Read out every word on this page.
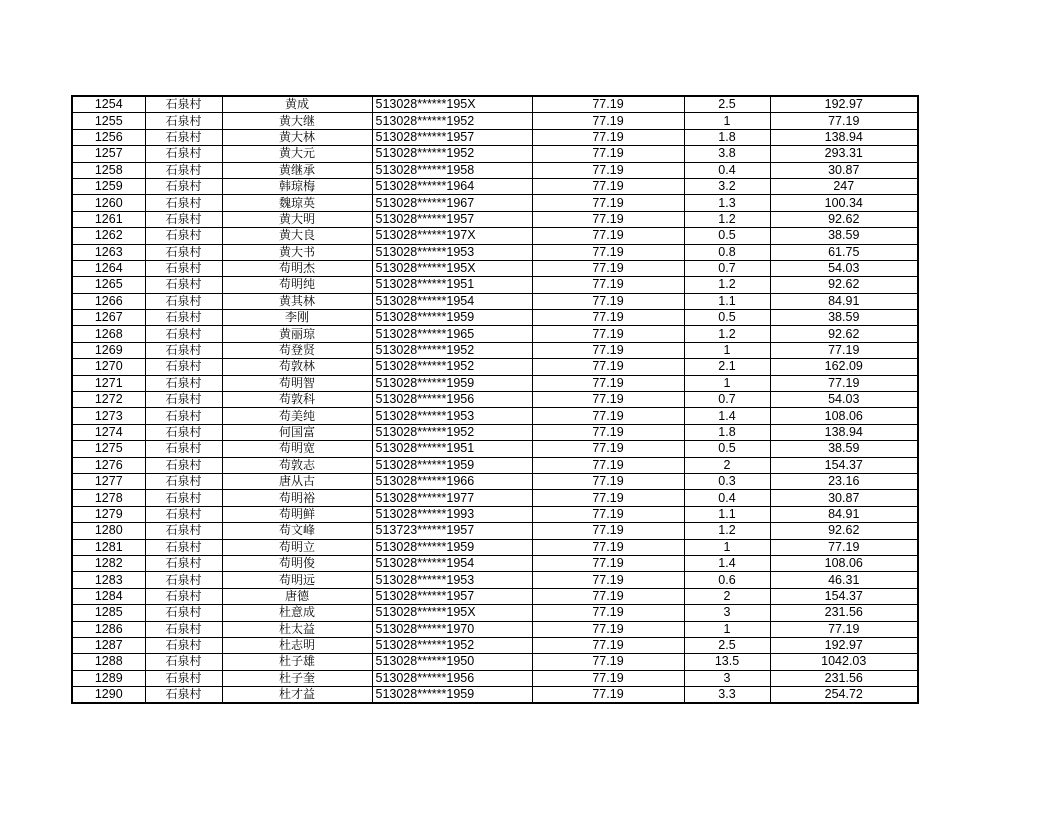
1254	石泉村	黄成	513028******195X	77.19	2.5	192.97
1255	石泉村	黄大继	513028******1952	77.19	1	77.19
1256	石泉村	黄大林	513028******1957	77.19	1.8	138.94
1257	石泉村	黄大元	513028******1952	77.19	3.8	293.31
1258	石泉村	黄继承	513028******1958	77.19	0.4	30.87
1259	石泉村	韩琼梅	513028******1964	77.19	3.2	247
1260	石泉村	魏琼英	513028******1967	77.19	1.3	100.34
1261	石泉村	黄大明	513028******1957	77.19	1.2	92.62
1262	石泉村	黄大良	513028******197X	77.19	0.5	38.59
1263	石泉村	黄大书	513028******1953	77.19	0.8	61.75
1264	石泉村	苟明杰	513028******195X	77.19	0.7	54.03
1265	石泉村	苟明纯	513028******1951	77.19	1.2	92.62
1266	石泉村	黄其林	513028******1954	77.19	1.1	84.91
1267	石泉村	李刚	513028******1959	77.19	0.5	38.59
1268	石泉村	黄丽琼	513028******1965	77.19	1.2	92.62
1269	石泉村	苟登贤	513028******1952	77.19	1	77.19
1270	石泉村	苟敦林	513028******1952	77.19	2.1	162.09
1271	石泉村	苟明智	513028******1959	77.19	1	77.19
1272	石泉村	苟敦科	513028******1956	77.19	0.7	54.03
1273	石泉村	苟美纯	513028******1953	77.19	1.4	108.06
1274	石泉村	何国富	513028******1952	77.19	1.8	138.94
1275	石泉村	苟明宽	513028******1951	77.19	0.5	38.59
1276	石泉村	苟敦志	513028******1959	77.19	2	154.37
1277	石泉村	唐从古	513028******1966	77.19	0.3	23.16
1278	石泉村	苟明裕	513028******1977	77.19	0.4	30.87
1279	石泉村	苟明鲜	513028******1993	77.19	1.1	84.91
1280	石泉村	苟文峰	513723******1957	77.19	1.2	92.62
1281	石泉村	苟明立	513028******1959	77.19	1	77.19
1282	石泉村	苟明俊	513028******1954	77.19	1.4	108.06
1283	石泉村	苟明远	513028******1953	77.19	0.6	46.31
1284	石泉村	唐德	513028******1957	77.19	2	154.37
1285	石泉村	杜意成	513028******195X	77.19	3	231.56
1286	石泉村	杜太益	513028******1970	77.19	1	77.19
1287	石泉村	杜志明	513028******1952	77.19	2.5	192.97
1288	石泉村	杜子雄	513028******1950	77.19	13.5	1042.03
1289	石泉村	杜子奎	513028******1956	77.19	3	231.56
1290	石泉村	杜才益	513028******1959	77.19	3.3	254.72
